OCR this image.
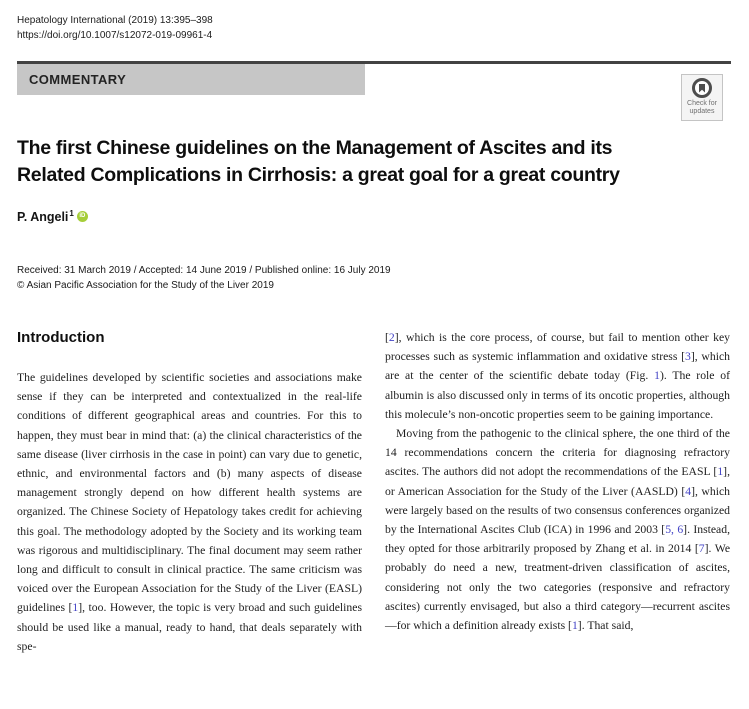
Hepatology International (2019) 13:395–398
https://doi.org/10.1007/s12072-019-09961-4
COMMENTARY
Check for
updates
The first Chinese guidelines on the Management of Ascites and its
Related Complications in Cirrhosis: a great goal for a great country
P. Angeli 1 iD
Received: 31 March 2019 / Accepted: 14 June 2019 / Published online: 16 July 2019
© Asian Pacific Association for the Study of the Liver 2019
Introduction

The guidelines developed by scientific societies and associations make sense if they can be interpreted and contextualized in the real-life conditions of different geographical areas and countries. For this to happen, they must bear in mind that: (a) the clinical characteristics of the same disease (liver cirrhosis in the case in point) can vary due to genetic, ethnic, and environmental factors and (b) many aspects of disease management strongly depend on how different health systems are organized. The Chinese Society of Hepatology takes credit for achieving this goal. The methodology adopted by the Society and its working team was rigorous and multidisciplinary. The final document may seem rather long and difficult to consult in clinical practice. The same criticism was voiced over the European Association for the Study of the Liver (EASL) guidelines [1], too. However, the topic is very broad and such guidelines should be used like a manual, ready to hand, that deals separately with spe-

[2], which is the core process, of course, but fail to mention other key processes such as systemic inflammation and oxidative stress [3], which are at the center of the scientific debate today (Fig. 1). The role of albumin is also discussed only in terms of its oncotic properties, although this molecule’s non-oncotic properties seem to be gaining importance.

Moving from the pathogenic to the clinical sphere, the one third of the 14 recommendations concern the criteria for diagnosing refractory ascites. The authors did not adopt the recommendations of the EASL [1], or American Association for the Study of the Liver (AASLD) [4], which were largely based on the results of two consensus conferences organized by the International Ascites Club (ICA) in 1996 and 2003 [5, 6]. Instead, they opted for those arbitrarily proposed by Zhang et al. in 2014 [7]. We probably do need a new, treatment-driven classification of ascites, considering not only the two categories (responsive and refractory ascites) currently envisaged, but also a third category—recurrent ascites—for which a definition already exists [1]. That said,
